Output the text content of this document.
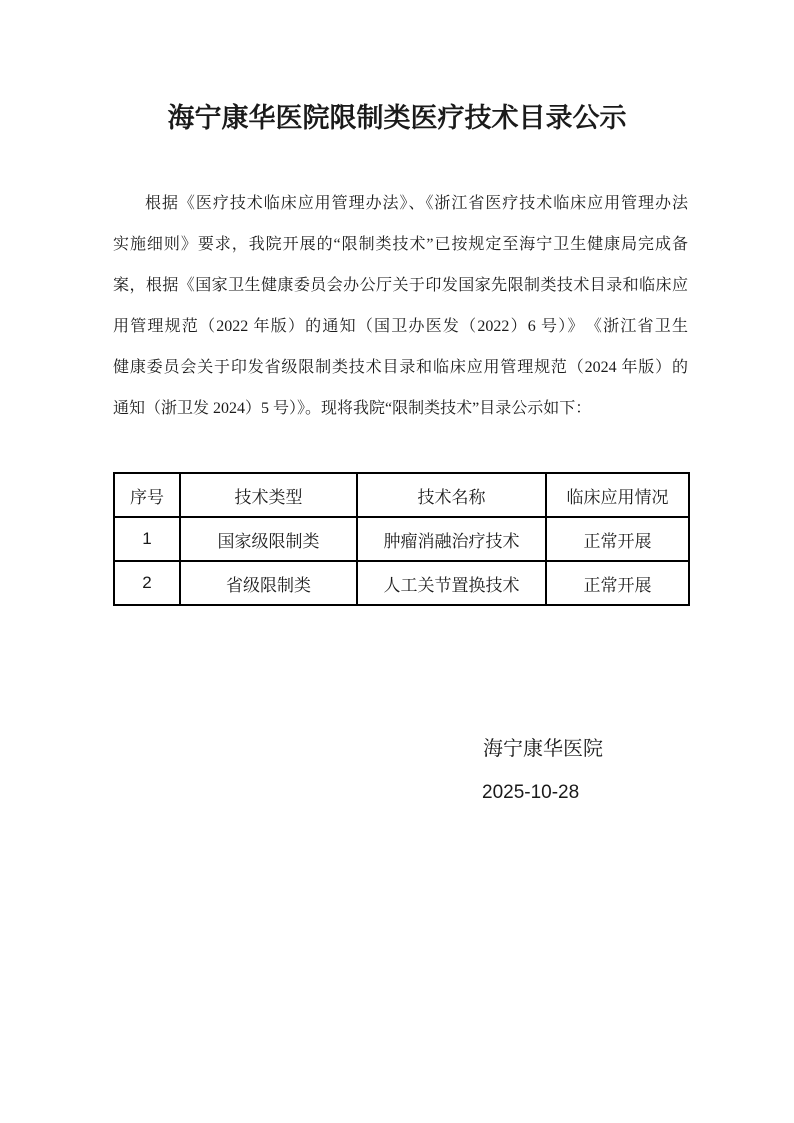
海宁康华医院限制类医疗技术目录公示
根据《医疗技术临床应用管理办法》、《浙江省医疗技术临床应用管理办法
实施细则》要求，我院开展的“限制类技术”已按规定至海宁卫生健康局完成备
案，根据《国家卫生健康委员会办公厅关于印发国家先限制类技术目录和临床应
用管理规范（2022 年版）的通知（国卫办医发（2022）6 号）》　《浙江省卫生
健康委员会关于印发省级限制类技术目录和临床应用管理规范（2024 年版）的
通知（浙卫发 2024）5 号）》。现将我院“限制类技术”目录公示如下：
序号	技术类型	技术名称	临床应用情况
1	国家级限制类	肿瘤消融治疗技术	正常开展
2	省级限制类	人工关节置换技术	正常开展
海宁康华医院
2025-10-28
